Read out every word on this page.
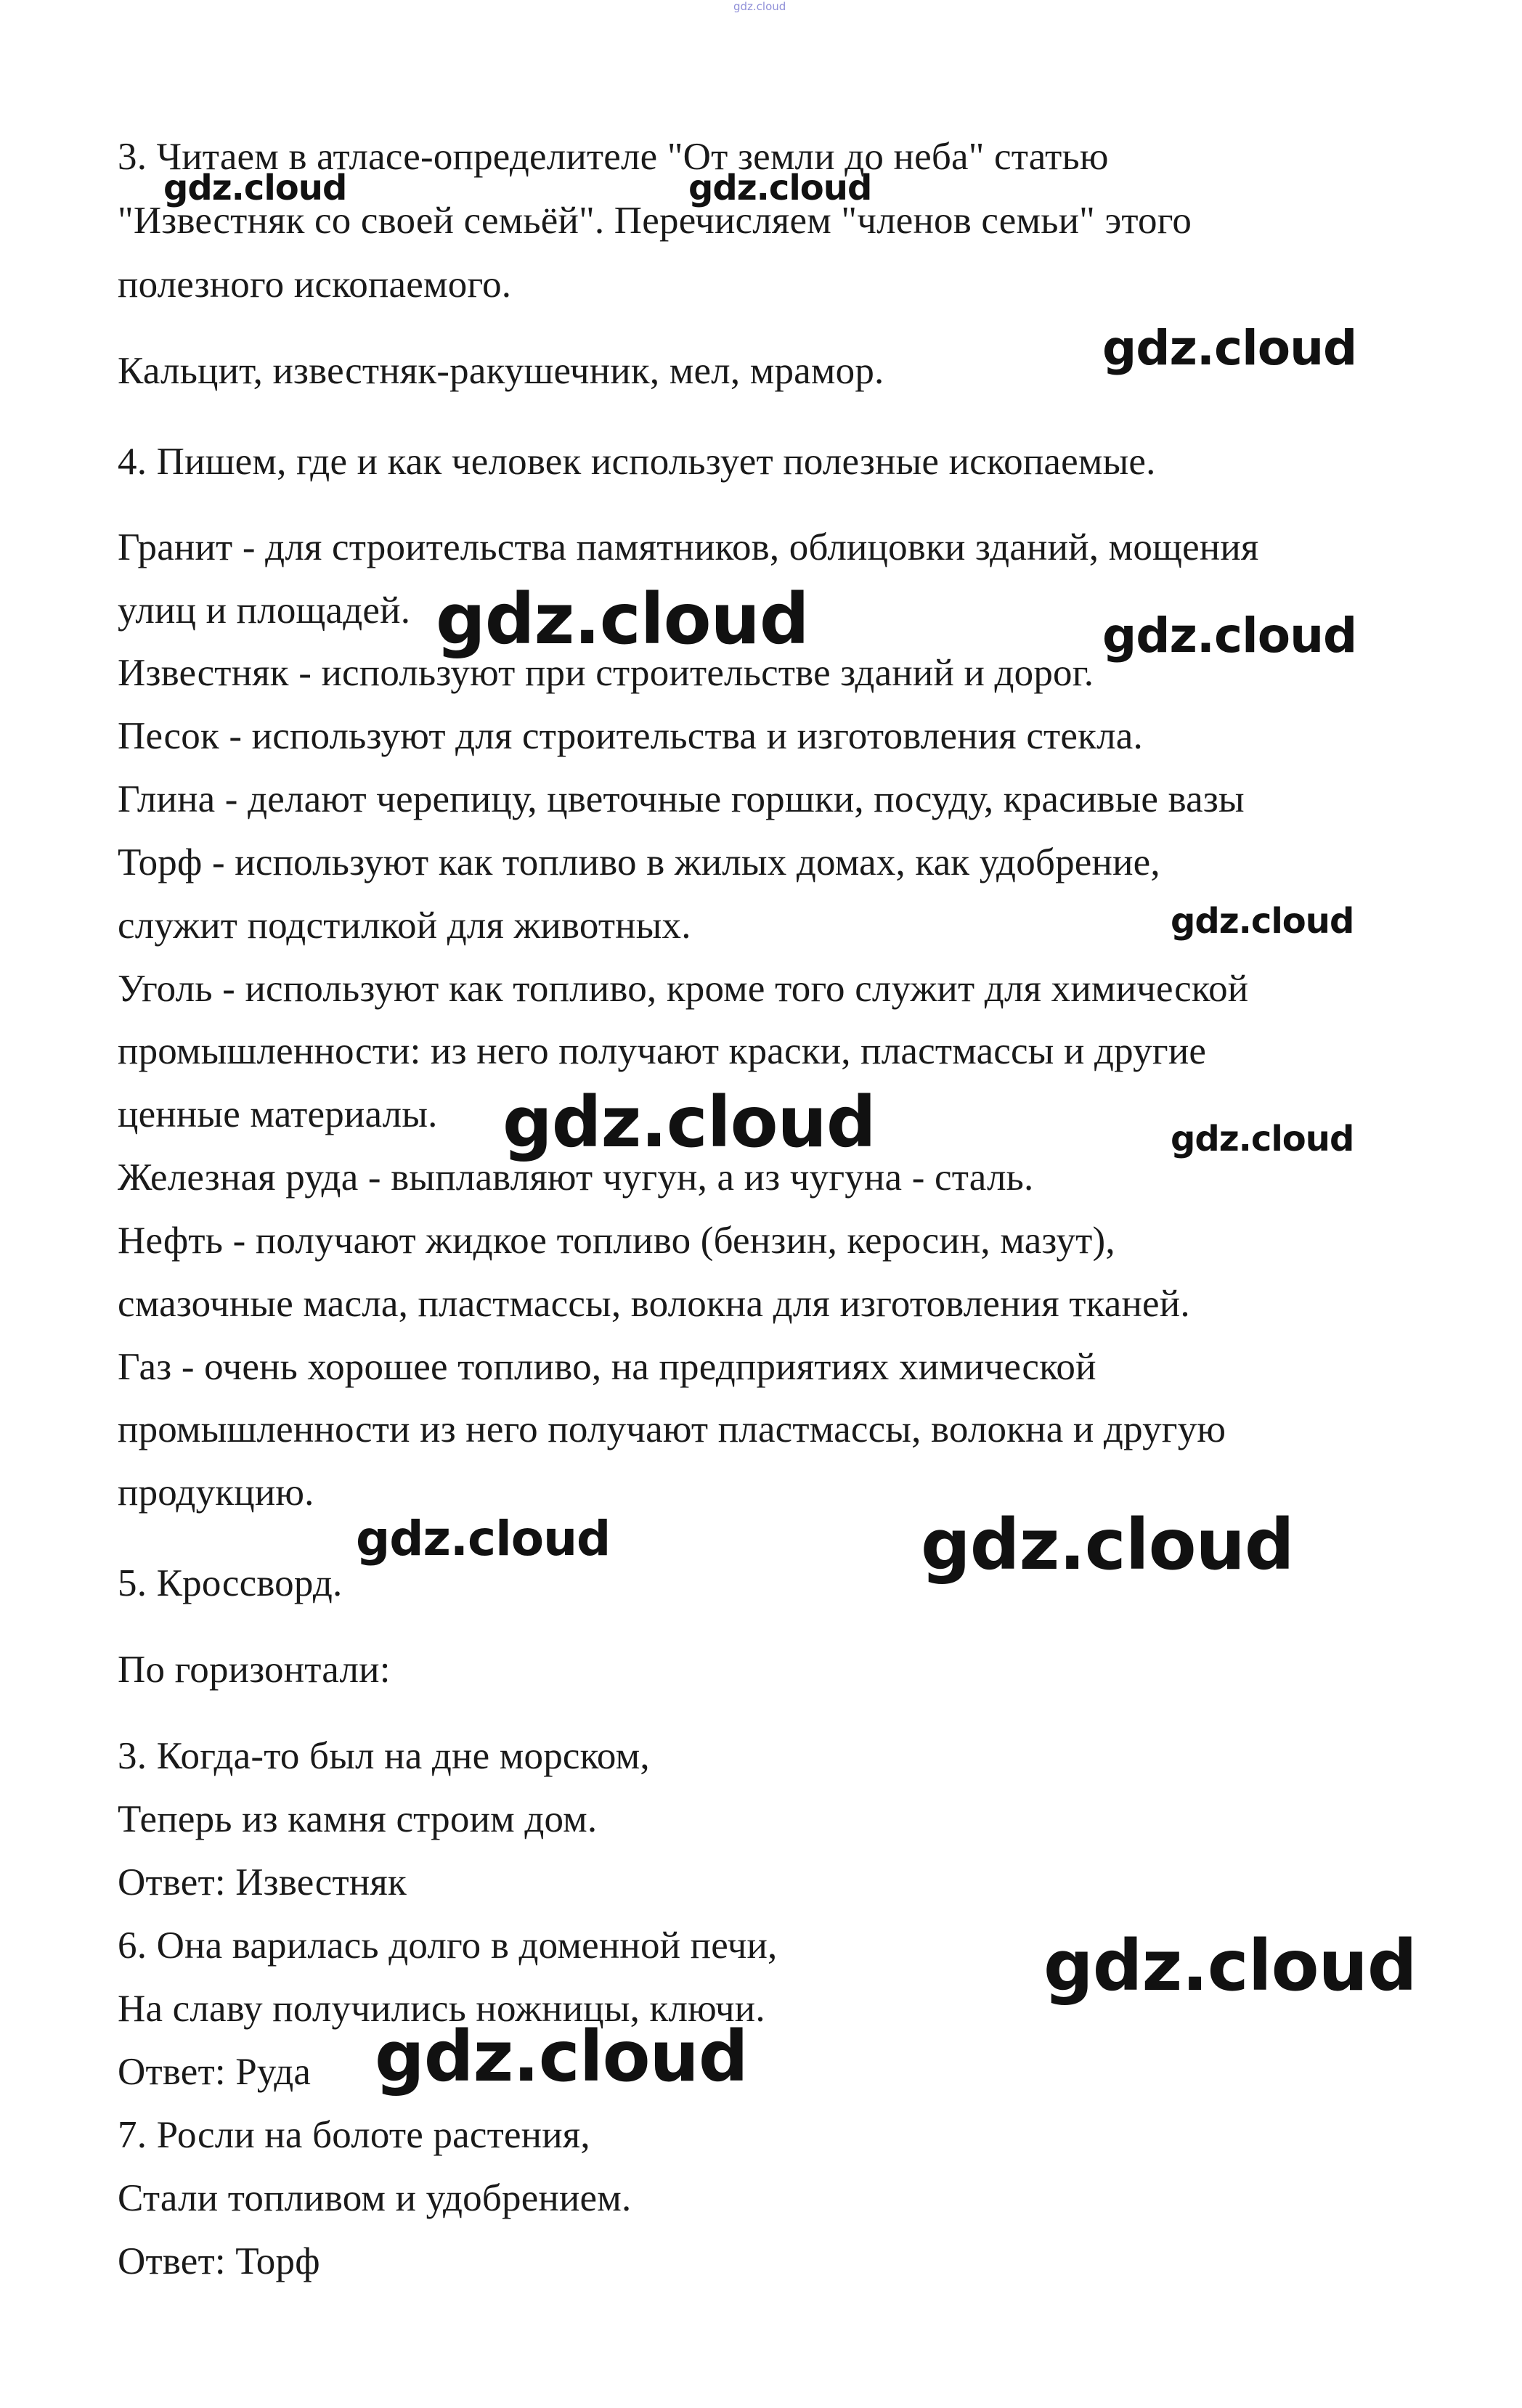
gdz.cloud
3. Читаем в атласе-определителе "От земли до неба" статью
"Известняк со своей семьёй". Перечисляем "членов семьи" этого
полезного ископаемого.
Кальцит, известняк-ракушечник, мел, мрамор.
4. Пишем, где и как человек использует полезные ископаемые.
Гранит - для строительства памятников, облицовки зданий, мощения
улиц и площадей.
Известняк - используют при строительстве зданий и дорог.
Песок - используют для строительства и изготовления стекла.
Глина - делают черепицу, цветочные горшки, посуду, красивые вазы
Торф - используют как топливо в жилых домах, как удобрение,
служит подстилкой для животных.
Уголь - используют как топливо, кроме того служит для химической
промышленности: из него получают краски, пластмассы и другие
ценные материалы.
Железная руда - выплавляют чугун, а из чугуна - сталь.
Нефть - получают жидкое топливо (бензин, керосин, мазут),
смазочные масла, пластмассы, волокна для изготовления тканей.
Газ - очень хорошее топливо, на предприятиях химической
промышленности из него получают пластмассы, волокна и другую
продукцию.
5. Кроссворд.
По горизонтали:
3. Когда-то был на дне морском,
Теперь из камня строим дом.
Ответ: Известняк
6. Она варилась долго в доменной печи,
На славу получились ножницы, ключи.
Ответ: Руда
7. Росли на болоте растения,
Стали топливом и удобрением.
Ответ: Торф
gdz.cloud	gdz.cloud
gdz.cloud
gdz.cloud	gdz.cloud
gdz.cloud
gdz.cloud	gdz.cloud
gdz.cloud	gdz.cloud
gdz.cloud
gdz.cloud
